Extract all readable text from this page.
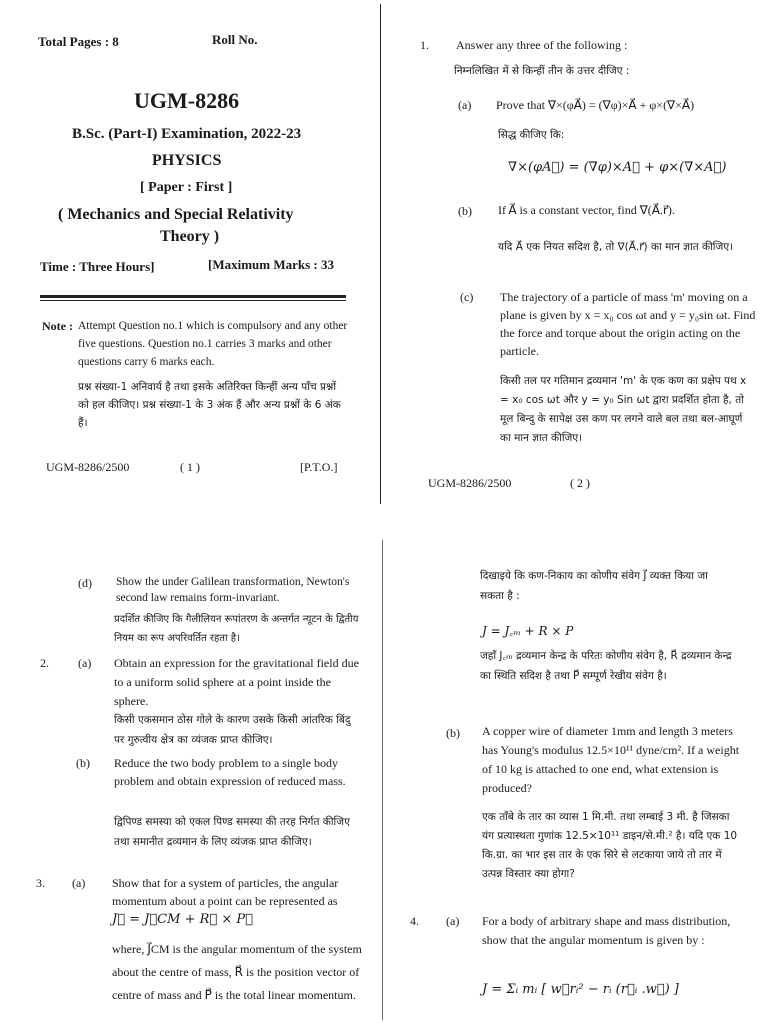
Total Pages : 8	Roll No.
UGM-8286
B.Sc. (Part-I) Examination, 2022-23
PHYSICS
[ Paper : First ]
( Mechanics and Special Relativity
Theory )
Time : Three Hours]	[Maximum Marks : 33
Note : Attempt Question no.1 which is compulsory and any other five questions. Question no.1 carries 3 marks and other questions carry 6 marks each.
प्रश्न संख्या-1 अनिवार्य है तथा इसके अतिरिक्त किन्हीं अन्य पाँच प्रश्नों को हल कीजिए। प्रश्न संख्या-1 के 3 अंक हैं और अन्य प्रश्नों के 6 अंक हैं।
UGM-8286/2500	( 1 )	[P.T.O.]
1. Answer any three of the following :
निम्नलिखित में से किन्हीं तीन के उत्तर दीजिए :
(a) Prove that ∇×(φA⃗) = (∇φ)×A⃗ + φ×(∇×A⃗)
सिद्ध कीजिए कि:
∇×(φA⃗) = (∇φ)×A⃗ + φ×(∇×A⃗)
(b) If A⃗ is a constant vector, find ∇(A⃗.r⃗).
यदि A⃗ एक नियत सदिश है, तो ∇(A⃗.r⃗) का मान ज्ञात कीजिए।
(c) The trajectory of a particle of mass 'm' moving on a plane is given by x = x₀ cos ωt and y = y₀sin ωt. Find the force and torque about the origin acting on the particle.
किसी तल पर गतिमान द्रव्यमान 'm' के एक कण का प्रक्षेप पथ x = x₀ cos ωt और y = y₀ Sin ωt द्वारा प्रदर्शित होता है, तो मूल बिन्दु के सापेक्ष उस कण पर लगने वाले बल तथा बल-आघूर्ण का मान ज्ञात कीजिए।
UGM-8286/2500	( 2 )
(d) Show the under Galilean transformation, Newton's second law remains form-invariant.
प्रदर्शित कीजिए कि गैलीलियन रूपांतरण के अन्तर्गत न्यूटन के द्वितीय नियम का रूप अपरिवर्तित रहता है।
2. (a) Obtain an expression for the gravitational field due to a uniform solid sphere at a point inside the sphere.
किसी एकसमान ठोस गोले के कारण उसके किसी आंतरिक बिंदु पर गुरुत्वीय क्षेत्र का व्यंजक प्राप्त कीजिए।
(b) Reduce the two body problem to a single body problem and obtain expression of reduced mass.
द्विपिण्ड समस्या को एकल पिण्ड समस्या की तरह निर्गत कीजिए तथा समानीत द्रव्यमान के लिए व्यंजक प्राप्त कीजिए।
3. (a) Show that for a system of particles, the angular momentum about a point can be represented as
J⃗ = J⃗CM + R⃗ × P⃗
where, J⃗CM is the angular momentum of the system about the centre of mass, R⃗ is the position vector of centre of mass and P⃗ is the total linear momentum.
दिखाइये कि कण-निकाय का कोणीय संवेग J⃗ व्यक्त किया जा सकता है :
J = J꜀ₘ + R × P
जहाँ J꜀ₘ द्रव्यमान केन्द्र के परितः कोणीय संवेग है, R⃗ द्रव्यमान केन्द्र का स्थिति सदिश है तथा P⃗ सम्पूर्ण रेखीय संवेग है।
(b) A copper wire of diameter 1mm and length 3 meters has Young's modulus 12.5×10¹¹ dyne/cm². If a weight of 10 kg is attached to one end, what extension is produced?
एक ताँबे के तार का व्यास 1 मि.मी. तथा लम्बाई 3 मी. है जिसका यंग प्रत्यास्थता गुणांक 12.5×10¹¹ डाइन/से.मी.² है। यदि एक 10 कि.ग्रा. का भार इस तार के एक सिरे से लटकाया जाये तो तार में उत्पन्न विस्तार क्या होगा?
4. (a) For a body of arbitrary shape and mass distribution, show that the angular momentum is given by :
J = Σᵢ mᵢ [ w⃗rᵢ² − rᵢ (r⃗ᵢ .w⃗) ]
